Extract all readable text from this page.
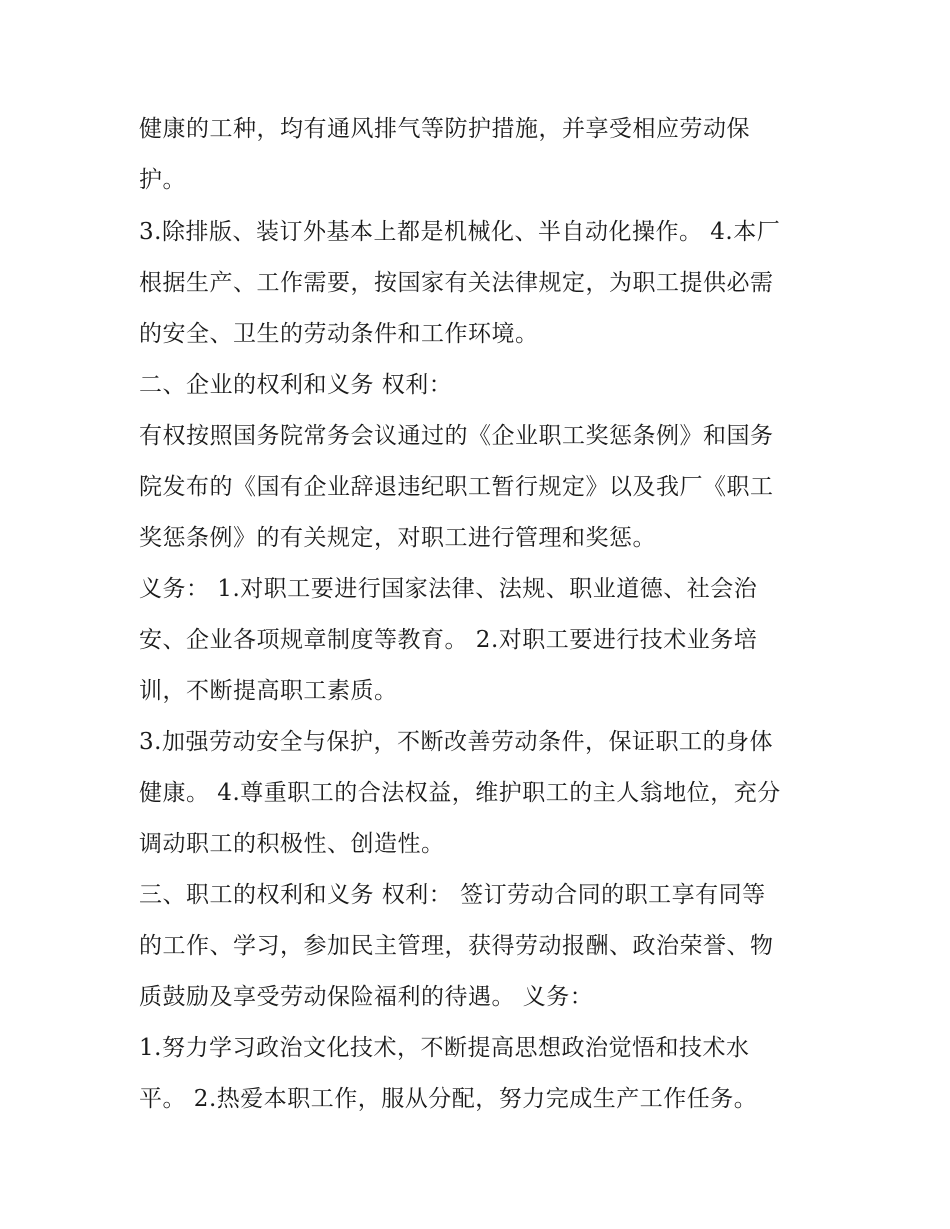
健康的工种，均有通风排气等防护措施，并享受相应劳动保
护。
3.除排版、装订外基本上都是机械化、半自动化操作。 4.本厂
根据生产、工作需要，按国家有关法律规定，为职工提供必需
的安全、卫生的劳动条件和工作环境。
二、企业的权利和义务 权利：
有权按照国务院常务会议通过的《企业职工奖惩条例》和国务
院发布的《国有企业辞退违纪职工暂行规定》以及我厂《职工
奖惩条例》的有关规定，对职工进行管理和奖惩。
义务： 1.对职工要进行国家法律、法规、职业道德、社会治
安、企业各项规章制度等教育。 2.对职工要进行技术业务培
训，不断提高职工素质。
3.加强劳动安全与保护，不断改善劳动条件，保证职工的身体
健康。 4.尊重职工的合法权益，维护职工的主人翁地位，充分
调动职工的积极性、创造性。
三、职工的权利和义务 权利： 签订劳动合同的职工享有同等
的工作、学习，参加民主管理，获得劳动报酬、政治荣誉、物
质鼓励及享受劳动保险福利的待遇。 义务：
1.努力学习政治文化技术，不断提高思想政治觉悟和技术水
平。 2.热爱本职工作，服从分配，努力完成生产工作任务。
